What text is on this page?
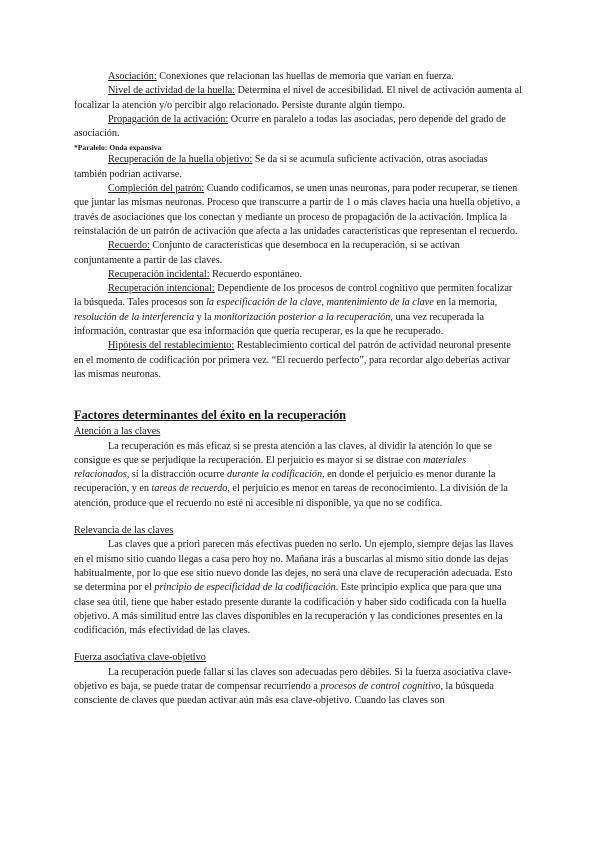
Asociación: Conexiones que relacionan las huellas de memoria que varían en fuerza.

Nivel de actividad de la huella: Determina el nivel de accesibilidad. El nivel de activación aumenta al focalizar la atención y/o percibir algo relacionado. Persiste durante algún tiempo.

Propagación de la activación: Ocurre en paralelo a todas las asociadas, pero depende del grado de asociación.

*Paralelo: Onda expansiva

Recuperación de la huella objetivo: Se da si se acumula suficiente activación, otras asociadas también podrían activarse.

Compleción del patrón: Cuando codificamos, se unen unas neuronas, para poder recuperar, se tienen que juntar las mismas neuronas. Proceso que transcurre a partir de 1 o más claves hacia una huella objetivo, a través de asociaciones que los conectan y mediante un proceso de propagación de la activación. Implica la reinstalación de un patrón de activación que afecta a las unidades características que representan el recuerdo.

Recuerdo: Conjunto de características que desemboca en la recuperación, si se activan conjuntamente a partir de las claves.

Recuperación incidental: Recuerdo espontáneo.

Recuperación intencional: Dependiente de los procesos de control cognitivo que permiten focalizar la búsqueda. Tales procesos son la especificación de la clave, mantenimiento de la clave en la memoria, resolución de la interferencia y la monitorización posterior a la recuperación, una vez recuperada la información, contrastar que esa información que quería recuperar, es la que he recuperado.

Hipótesis del restablecimiento: Restablecimiento cortical del patrón de actividad neuronal presente en el momento de codificación por primera vez. “El recuerdo perfecto”, para recordar algo deberías activar las mismas neuronas.

Factores determinantes del éxito en la recuperación
Atención a las claves

La recuperación es más eficaz si se presta atención a las claves, al dividir la atención lo que se consigue es que se perjudique la recuperación. El perjuicio es mayor si se distrae con materiales relacionados, si la distracción ocurre durante la codificación, en donde el perjuicio es menor durante la recuperación, y en tareas de recuerdo, el perjuicio es menor en tareas de reconocimiento. La división de la atención, produce que el recuerdo no esté ni accesible ni disponible, ya que no se codifica.

Relevancia de las claves

Las claves que a priori parecen más efectivas pueden no serlo. Un ejemplo, siempre dejas las llaves en el mismo sitio cuando llegas a casa pero hoy no. Mañana irás a buscarlas al mismo sitio donde las dejas habitualmente, por lo que ese sitio nuevo donde las dejes, no será una clave de recuperación adecuada. Esto se determina por el principio de especificidad de la codificación. Este principio explica que para que una clase sea útil, tiene que haber estado presente durante la codificación y haber sido codificada con la huella objetivo. A más similitud entre las claves disponibles en la recuperación y las condiciones presentes en la codificación, más efectividad de las claves.

Fuerza asociativa clave-objetivo

La recuperación puede fallar si las claves son adecuadas pero débiles. Si la fuerza asociativa clave-objetivo es baja, se puede tratar de compensar recurriendo a procesos de control cognitivo, la búsqueda consciente de claves que puedan activar aún más esa clave-objetivo. Cuando las claves son
